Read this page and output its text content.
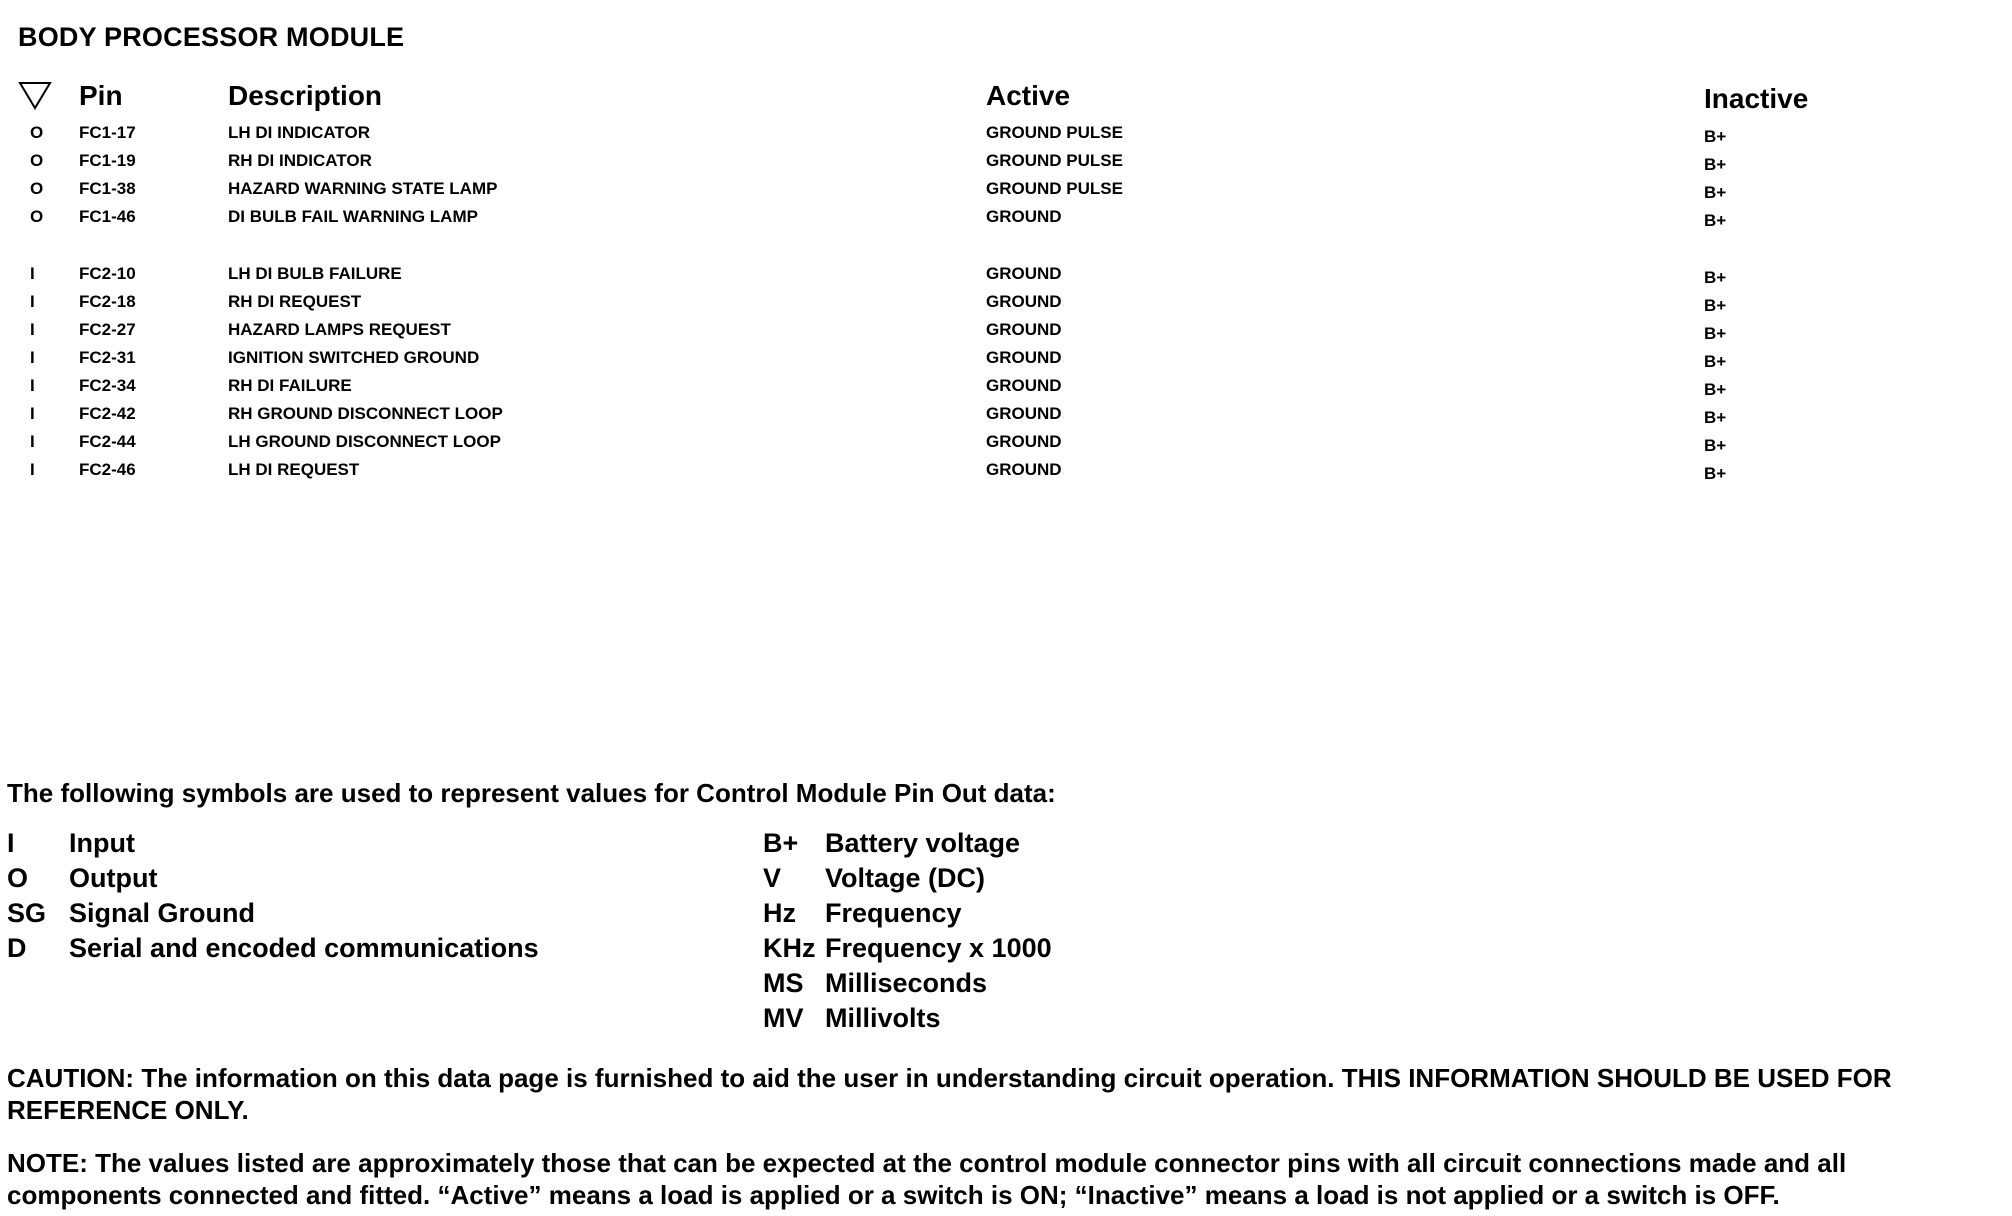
BODY PROCESSOR MODULE
Pin	Description	Active	Inactive
O FC1-17	LH DI INDICATOR	GROUND PULSE	B+
O FC1-19	RH DI INDICATOR	GROUND PULSE	B+
O FC1-38	HAZARD WARNING STATE LAMP	GROUND PULSE	B+
O FC1-46	DI BULB FAIL WARNING LAMP	GROUND	B+
I	FC2-10	LH DI BULB FAILURE	GROUND	B+
I	FC2-18	RH DI REQUEST	GROUND	B+
I	FC2-27	HAZARD LAMPS REQUEST	GROUND	B+
I	FC2-31	IGNITION SWITCHED GROUND	GROUND	B+
I	FC2-34	RH DI FAILURE	GROUND	B+
I	FC2-42	RH GROUND DISCONNECT LOOP	GROUND	B+
I	FC2-44	LH GROUND DISCONNECT LOOP	GROUND	B+
I	FC2-46	LH DI REQUEST	GROUND	B+
The following symbols are used to represent values for Control Module Pin Out data:
I Input
O Output
SG Signal Ground
D Serial and encoded communications
B+ Battery voltage
V Voltage (DC)
Hz Frequency
KHz Frequency x 1000
MS Milliseconds
MV Millivolts
CAUTION: The information on this data page is furnished to aid the user in understanding circuit operation. THIS INFORMATION SHOULD BE USED FOR REFERENCE ONLY.
NOTE: The values listed are approximately those that can be expected at the control module connector pins with all circuit connections made and all components connected and fitted. “Active” means a load is applied or a switch is ON; “Inactive” means a load is not applied or a switch is OFF.
